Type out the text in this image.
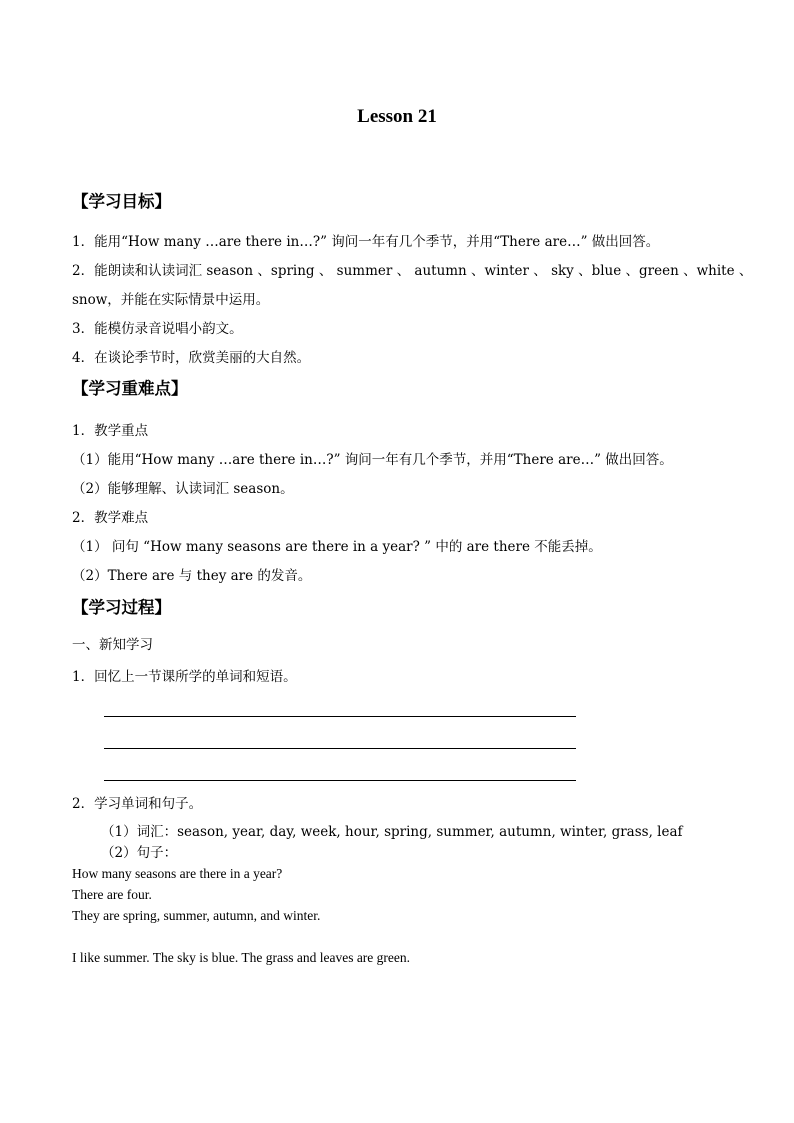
Lesson 21
【学习目标】
1．能用“How many …are there in…?” 询问一年有几个季节，并用“There are…” 做出回答。
2．能朗读和认读词汇 season 、spring 、 summer 、 autumn 、winter 、 sky 、blue 、green 、white 、
snow，并能在实际情景中运用。
3．能模仿录音说唱小韵文。
4．在谈论季节时，欣赏美丽的大自然。
【学习重难点】
1．教学重点
（1）能用“How many …are there in…?” 询问一年有几个季节，并用“There are…” 做出回答。
（2）能够理解、认读词汇 season。
2．教学难点
（1） 问句 “How many seasons are there in a year? ” 中的 are there 不能丢掉。
（2）There are 与 they are 的发音。
【学习过程】
一、新知学习
1．回忆上一节课所学的单词和短语。
2．学习单词和句子。
（1）词汇：season, year, day, week, hour, spring, summer, autumn, winter, grass, leaf
（2）句子：
How many seasons are there in a year?
There are four.
They are spring, summer, autumn, and winter.
I like summer. The sky is blue. The grass and leaves are green.
